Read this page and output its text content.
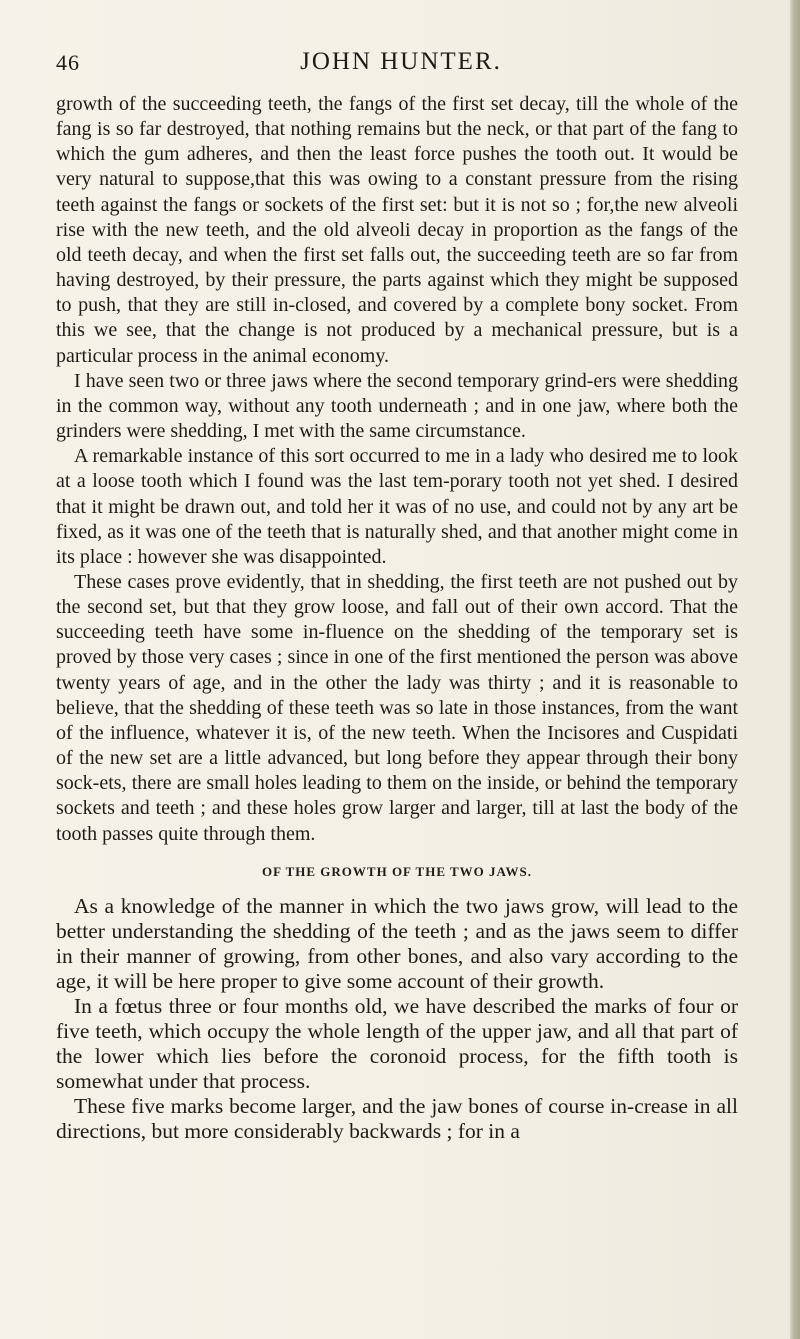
46	JOHN HUNTER.

growth of the succeeding teeth, the fangs of the first set decay, till the whole of the fang is so far destroyed, that nothing remains but the neck, or that part of the fang to which the gum adheres, and then the least force pushes the tooth out. It would be very natural to suppose,that this was owing to a constant pressure from the rising teeth against the fangs or sockets of the first set: but it is not so ; for,the new alveoli rise with the new teeth, and the old alveoli decay in proportion as the fangs of the old teeth decay, and when the first set falls out, the succeeding teeth are so far from having destroyed, by their pressure, the parts against which they might be supposed to push, that they are still in-closed, and covered by a complete bony socket. From this we see, that the change is not produced by a mechanical pressure, but is a particular process in the animal economy.

I have seen two or three jaws where the second temporary grind-ers were shedding in the common way, without any tooth underneath ; and in one jaw, where both the grinders were shedding, I met with the same circumstance.

A remarkable instance of this sort occurred to me in a lady who desired me to look at a loose tooth which I found was the last tem-porary tooth not yet shed. I desired that it might be drawn out, and told her it was of no use, and could not by any art be fixed, as it was one of the teeth that is naturally shed, and that another might come in its place : however she was disappointed.

These cases prove evidently, that in shedding, the first teeth are not pushed out by the second set, but that they grow loose, and fall out of their own accord. That the succeeding teeth have some in-fluence on the shedding of the temporary set is proved by those very cases ; since in one of the first mentioned the person was above twenty years of age, and in the other the lady was thirty ; and it is reasonable to believe, that the shedding of these teeth was so late in those instances, from the want of the influence, whatever it is, of the new teeth. When the Incisores and Cuspidati of the new set are a little advanced, but long before they appear through their bony sock-ets, there are small holes leading to them on the inside, or behind the temporary sockets and teeth ; and these holes grow larger and larger, till at last the body of the tooth passes quite through them.

OF THE GROWTH OF THE TWO JAWS.

As a knowledge of the manner in which the two jaws grow, will lead to the better understanding the shedding of the teeth ; and as the jaws seem to differ in their manner of growing, from other bones, and also vary according to the age, it will be here proper to give some account of their growth.

In a fœtus three or four months old, we have described the marks of four or five teeth, which occupy the whole length of the upper jaw, and all that part of the lower which lies before the coronoid process, for the fifth tooth is somewhat under that process.

These five marks become larger, and the jaw bones of course in-crease in all directions, but more considerably backwards ; for in a
